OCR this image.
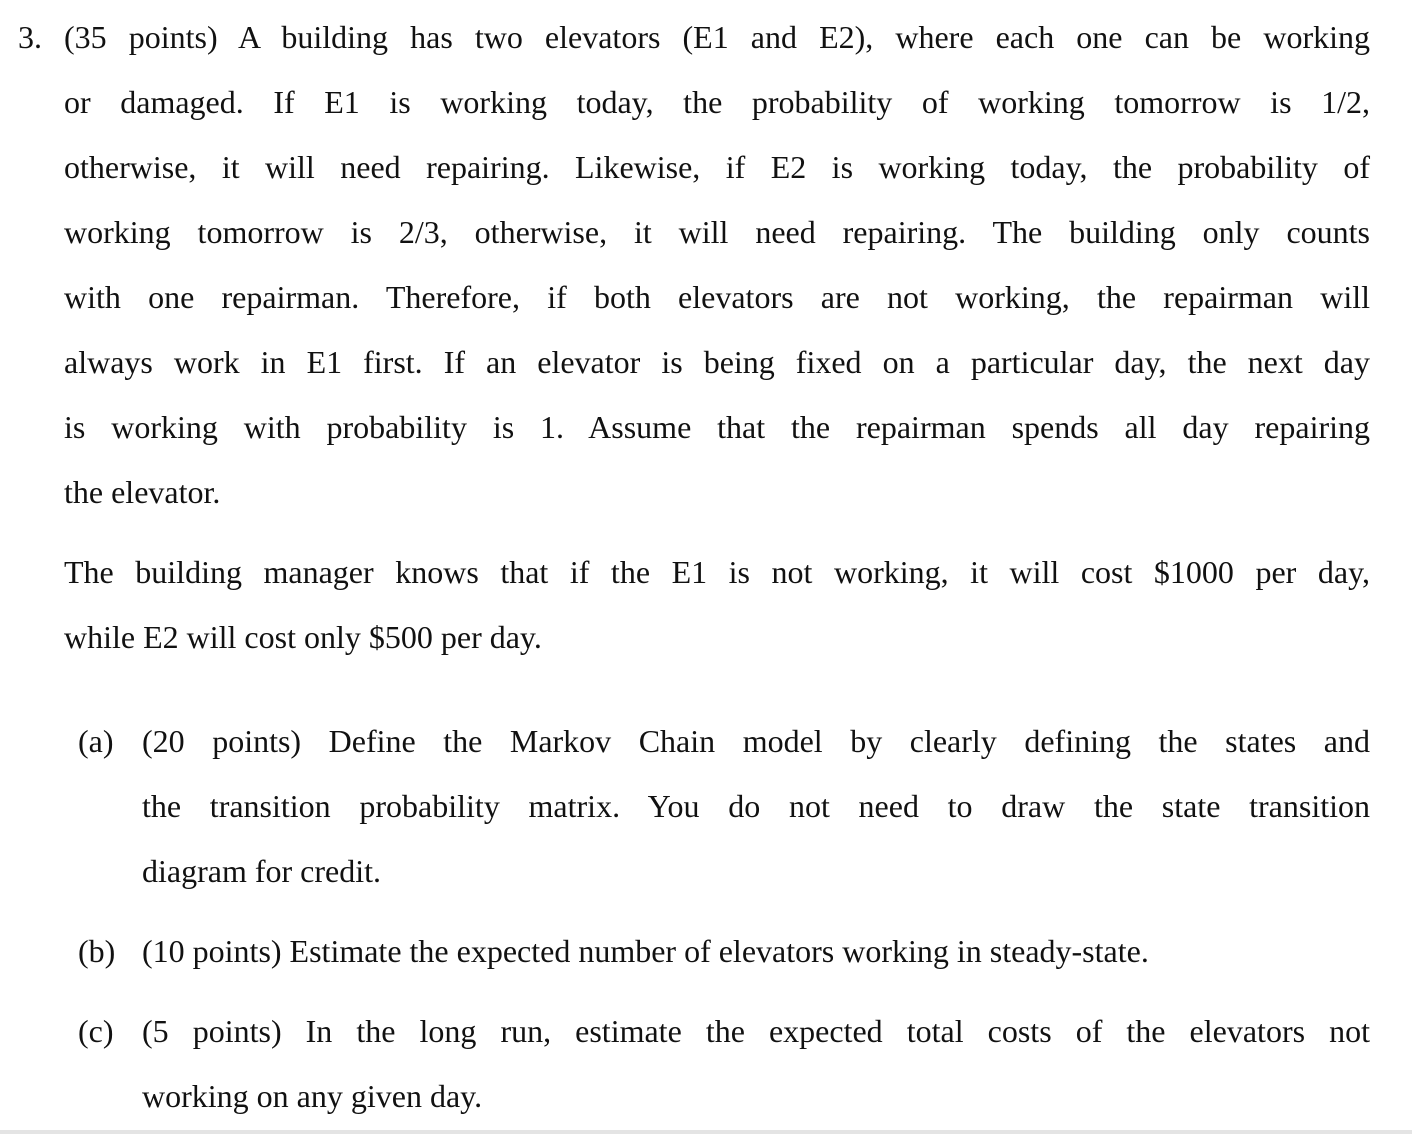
3. (35 points) A building has two elevators (E1 and E2), where each one can be working
or damaged. If E1 is working today, the probability of working tomorrow is 1/2,
otherwise, it will need repairing. Likewise, if E2 is working today, the probability of
working tomorrow is 2/3, otherwise, it will need repairing. The building only counts
with one repairman. Therefore, if both elevators are not working, the repairman will
always work in E1 first. If an elevator is being fixed on a particular day, the next day
is working with probability is 1. Assume that the repairman spends all day repairing
the elevator.
The building manager knows that if the E1 is not working, it will cost $1000 per day,
while E2 will cost only $500 per day.
(a) (20 points) Define the Markov Chain model by clearly defining the states and
the transition probability matrix. You do not need to draw the state transition
diagram for credit.
(b) (10 points) Estimate the expected number of elevators working in steady-state.
(c) (5 points) In the long run, estimate the expected total costs of the elevators not
working on any given day.
